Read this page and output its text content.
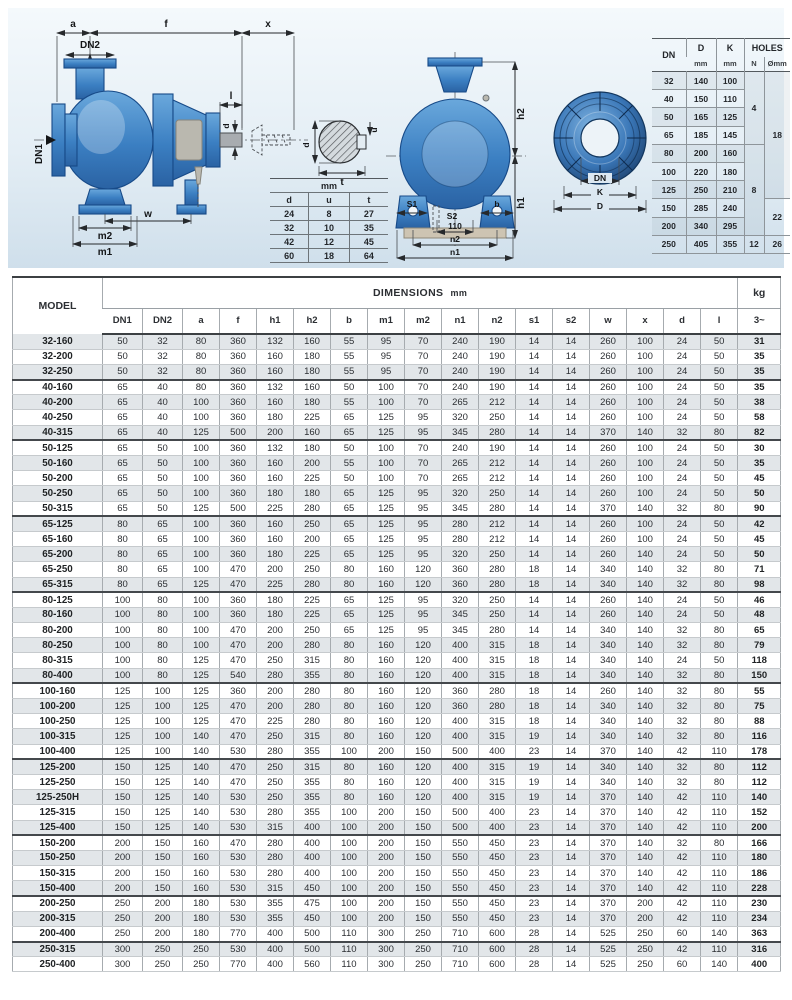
a	f	x
DN2
DN1
l
d
w
m2
m1
d
u
t
h2
h1
S1	b
S2
110
n2
n1
DN
K
D
mm		
d	u	t
24	8	27
32	10	35
42	12	45
60	18	64
DN	D	K	HOLES	
	mm	mm	N	Ømm
32	140	100	4	18
40	150	110		
50	165	125		
65	185	145		
80	200	160	8	
100	220	180		
125	250	210		
150	285	240		22
200	340	295		
250	405	355	12	26
MODEL	DIMENSIONS mm																	kg
	DN1	DN2	a	f	h1	h2	b	m1	m2	n1	n2	s1	s2	w	x	d	l	3~
32-160	50	32	80	360	132	160	55	95	70	240	190	14	14	260	100	24	50	31
32-200	50	32	80	360	160	180	55	95	70	240	190	14	14	260	100	24	50	35
32-250	50	32	80	360	160	180	55	95	70	240	190	14	14	260	100	24	50	35
40-160	65	40	80	360	132	160	50	100	70	240	190	14	14	260	100	24	50	35
40-200	65	40	100	360	160	180	55	100	70	265	212	14	14	260	100	24	50	38
40-250	65	40	100	360	180	225	65	125	95	320	250	14	14	260	100	24	50	58
40-315	65	40	125	500	200	160	65	125	95	345	280	14	14	370	140	32	80	82
50-125	65	50	100	360	132	180	50	100	70	240	190	14	14	260	100	24	50	30
50-160	65	50	100	360	160	200	55	100	70	265	212	14	14	260	100	24	50	35
50-200	65	50	100	360	160	225	50	100	70	265	212	14	14	260	100	24	50	45
50-250	65	50	100	360	180	180	65	125	95	320	250	14	14	260	100	24	50	50
50-315	65	50	125	500	225	280	65	125	95	345	280	14	14	370	140	32	80	90
65-125	80	65	100	360	160	250	65	125	95	280	212	14	14	260	100	24	50	42
65-160	80	65	100	360	160	200	65	125	95	280	212	14	14	260	100	24	50	45
65-200	80	65	100	360	180	225	65	125	95	320	250	14	14	260	140	24	50	50
65-250	80	65	100	470	200	250	80	160	120	360	280	18	14	340	140	32	80	71
65-315	80	65	125	470	225	280	80	160	120	360	280	18	14	340	140	32	80	98
80-125	100	80	100	360	180	225	65	125	95	320	250	14	14	260	140	24	50	46
80-160	100	80	100	360	180	225	65	125	95	345	250	14	14	260	140	24	50	48
80-200	100	80	100	470	200	250	65	125	95	345	280	14	14	340	140	32	80	65
80-250	100	80	100	470	200	280	80	160	120	400	315	18	14	340	140	32	80	79
80-315	100	80	125	470	250	315	80	160	120	400	315	18	14	340	140	24	50	118
80-400	100	80	125	540	280	355	80	160	120	400	315	18	14	340	140	32	80	150
100-160	125	100	125	360	200	280	80	160	120	360	280	18	14	260	140	32	80	55
100-200	125	100	125	470	200	280	80	160	120	360	280	18	14	340	140	32	80	75
100-250	125	100	125	470	225	280	80	160	120	400	315	18	14	340	140	32	80	88
100-315	125	100	140	470	250	315	80	160	120	400	315	19	14	340	140	32	80	116
100-400	125	100	140	530	280	355	100	200	150	500	400	23	14	370	140	42	110	178
125-200	150	125	140	470	250	315	80	160	120	400	315	19	14	340	140	32	80	112
125-250	150	125	140	470	250	355	80	160	120	400	315	19	14	340	140	32	80	112
125-250H	150	125	140	530	250	355	80	160	120	400	315	19	14	370	140	42	110	140
125-315	150	125	140	530	280	355	100	200	150	500	400	23	14	370	140	42	110	152
125-400	150	125	140	530	315	400	100	200	150	500	400	23	14	370	140	42	110	200
150-200	200	150	160	470	280	400	100	200	150	550	450	23	14	370	140	32	80	166
150-250	200	150	160	530	280	400	100	200	150	550	450	23	14	370	140	42	110	180
150-315	200	150	160	530	280	400	100	200	150	550	450	23	14	370	140	42	110	186
150-400	200	150	160	530	315	450	100	200	150	550	450	23	14	370	140	42	110	228
200-250	250	200	180	530	355	475	100	200	150	550	450	23	14	370	200	42	110	230
200-315	250	200	180	530	355	450	100	200	150	550	450	23	14	370	200	42	110	234
200-400	250	200	180	770	400	500	110	300	250	710	600	28	14	525	250	60	140	363
250-315	300	250	250	530	400	500	110	300	250	710	600	28	14	525	250	42	110	316
250-400	300	250	250	770	400	560	110	300	250	710	600	28	14	525	250	60	140	400
